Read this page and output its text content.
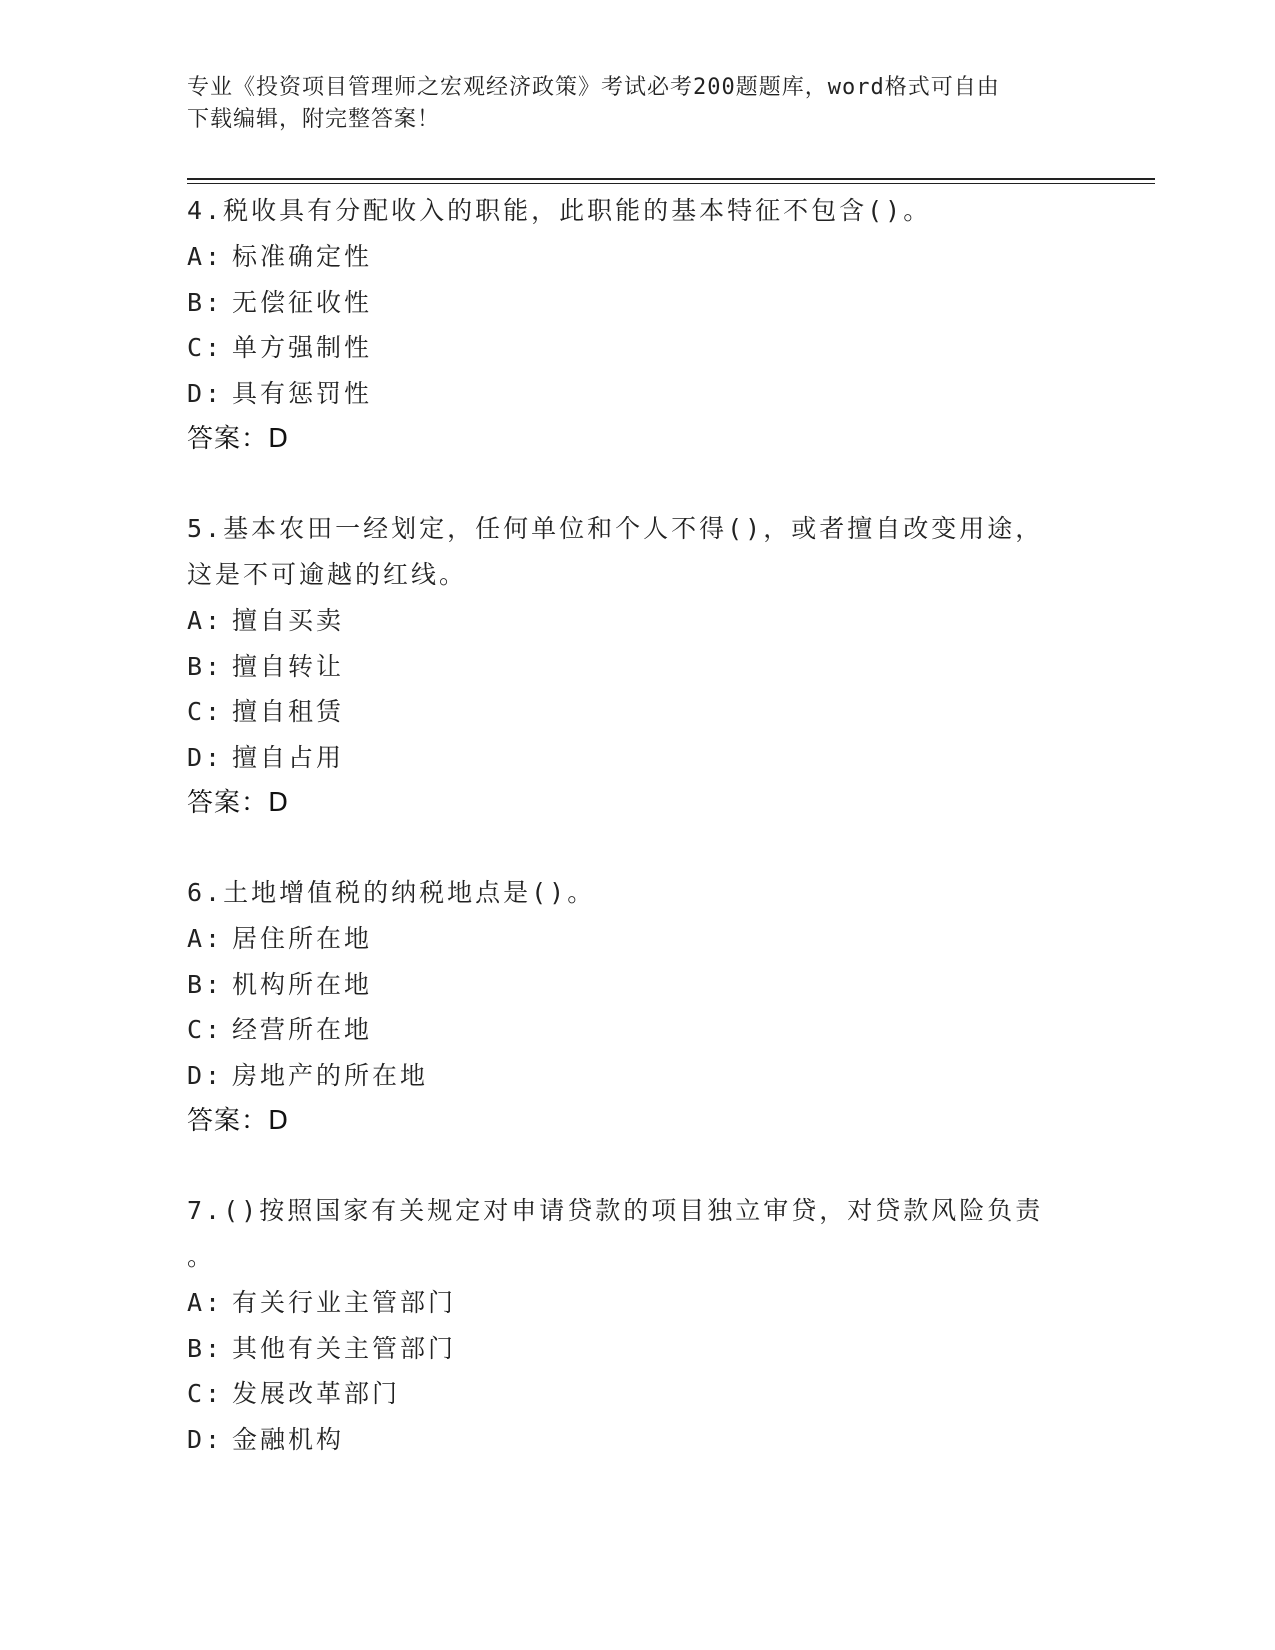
专业《投资项目管理师之宏观经济政策》考试必考200题题库，word格式可自由
下载编辑，附完整答案！
4.税收具有分配收入的职能，此职能的基本特征不包含()。
A: 标准确定性
B: 无偿征收性
C: 单方强制性
D: 具有惩罚性
答案：D
5.基本农田一经划定，任何单位和个人不得()，或者擅自改变用途，
这是不可逾越的红线。
A: 擅自买卖
B: 擅自转让
C: 擅自租赁
D: 擅自占用
答案：D
6.土地增值税的纳税地点是()。
A: 居住所在地
B: 机构所在地
C: 经营所在地
D: 房地产的所在地
答案：D
7.()按照国家有关规定对申请贷款的项目独立审贷，对贷款风险负责
。
A: 有关行业主管部门
B: 其他有关主管部门
C: 发展改革部门
D: 金融机构
